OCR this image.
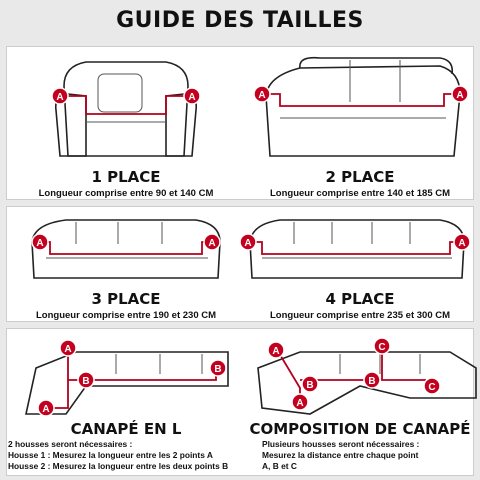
GUIDE DES TAILLES
A	A
1 PLACE
Longueur comprise entre 90 et 140 CM
A	A
2 PLACE
Longueur comprise entre 140 et 185 CM
A	A
3 PLACE
Longueur comprise entre 190 et 230 CM
A	A
4 PLACE
Longueur comprise entre 235 et 300 CM
A
A
B
B
CANAPÉ EN L
2 housses seront nécessaires :
Housse 1 : Mesurez la longueur entre les 2 points A
Housse 2 : Mesurez la longueur entre les deux points B
A
A
B	B
C
C
COMPOSITION DE CANAPÉ
Plusieurs housses seront nécessaires :
Mesurez la distance entre chaque point
A, B et C
